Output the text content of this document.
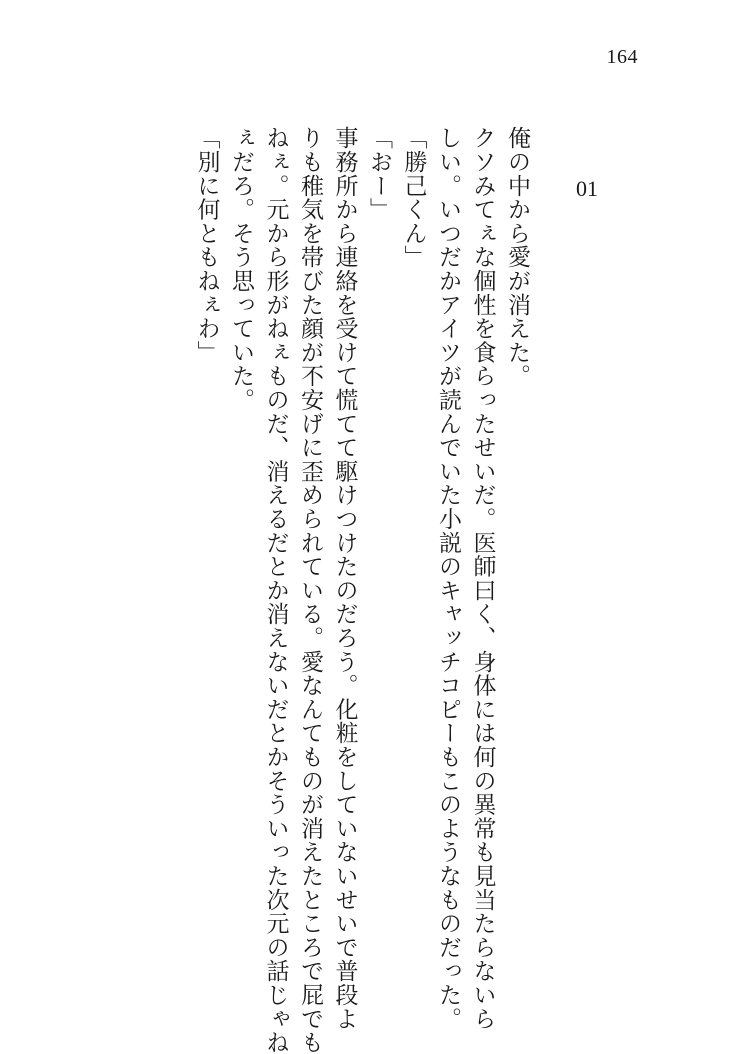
164
01
俺の中から愛が消えた。
クソみてぇな個性を食らったせいだ。医師曰く、身体には何の異常も見当たらないら
しい。いつだかアイツが読んでいた小説のキャッチコピーもこのようなものだった。
「勝己くん」
「おー」
事務所から連絡を受けて慌てて駆けつけたのだろう。化粧をしていないせいで普段よ
りも稚気を帯びた顔が不安げに歪められている。愛なんてものが消えたところで屁でも
ねぇ。元から形がねぇものだ、消えるだとか消えないだとかそういった次元の話じゃね
ぇだろ。そう思っていた。
「別に何ともねぇわ」
